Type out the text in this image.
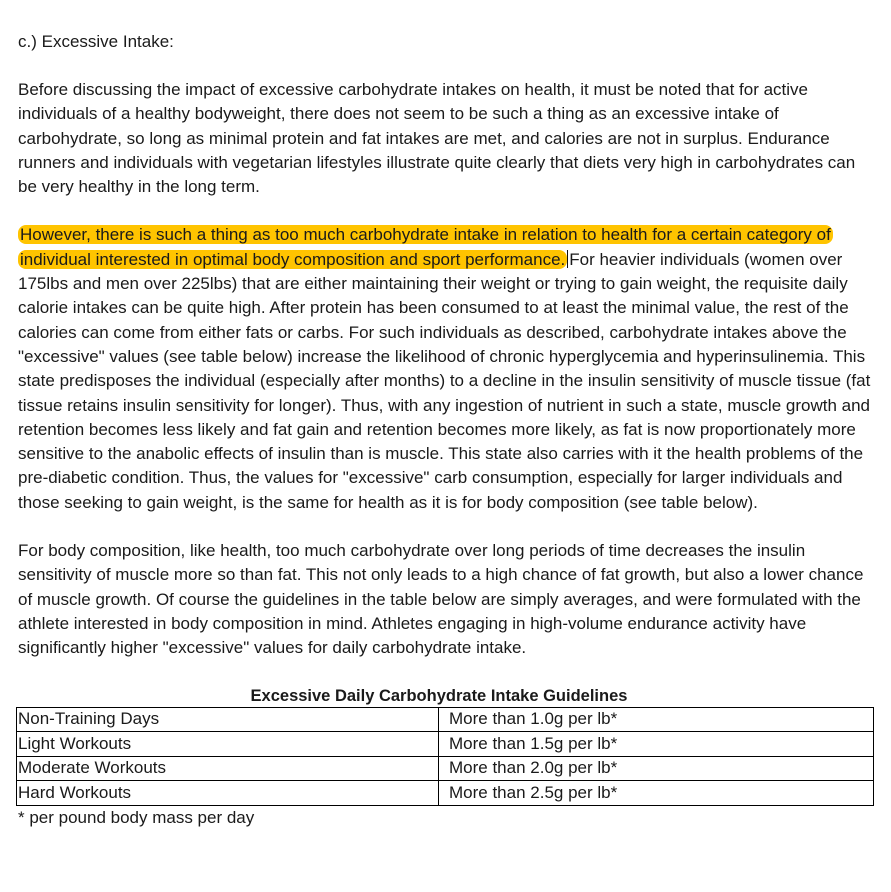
c.) Excessive Intake:

Before discussing the impact of excessive carbohydrate intakes on health, it must be noted that for active individuals of a healthy bodyweight, there does not seem to be such a thing as an excessive intake of carbohydrate, so long as minimal protein and fat intakes are met, and calories are not in surplus. Endurance runners and individuals with vegetarian lifestyles illustrate quite clearly that diets very high in carbohydrates can be very healthy in the long term.

However, there is such a thing as too much carbohydrate intake in relation to health for a certain category of individual interested in optimal body composition and sport performance. For heavier individuals (women over 175lbs and men over 225lbs) that are either maintaining their weight or trying to gain weight, the requisite daily calorie intakes can be quite high. After protein has been consumed to at least the minimal value, the rest of the calories can come from either fats or carbs. For such individuals as described, carbohydrate intakes above the "excessive" values (see table below) increase the likelihood of chronic hyperglycemia and hyperinsulinemia. This state predisposes the individual (especially after months) to a decline in the insulin sensitivity of muscle tissue (fat tissue retains insulin sensitivity for longer). Thus, with any ingestion of nutrient in such a state, muscle growth and retention becomes less likely and fat gain and retention becomes more likely, as fat is now proportionately more sensitive to the anabolic effects of insulin than is muscle. This state also carries with it the health problems of the pre-diabetic condition. Thus, the values for "excessive" carb consumption, especially for larger individuals and those seeking to gain weight, is the same for health as it is for body composition (see table below).

For body composition, like health, too much carbohydrate over long periods of time decreases the insulin sensitivity of muscle more so than fat. This not only leads to a high chance of fat growth, but also a lower chance of muscle growth. Of course the guidelines in the table below are simply averages, and were formulated with the athlete interested in body composition in mind. Athletes engaging in high-volume endurance activity have significantly higher "excessive" values for daily carbohydrate intake.

Excessive Daily Carbohydrate Intake Guidelines
Non-Training Days	More than 1.0g per lb*
Light Workouts	More than 1.5g per lb*
Moderate Workouts	More than 2.0g per lb*
Hard Workouts	More than 2.5g per lb*
* per pound body mass per day
